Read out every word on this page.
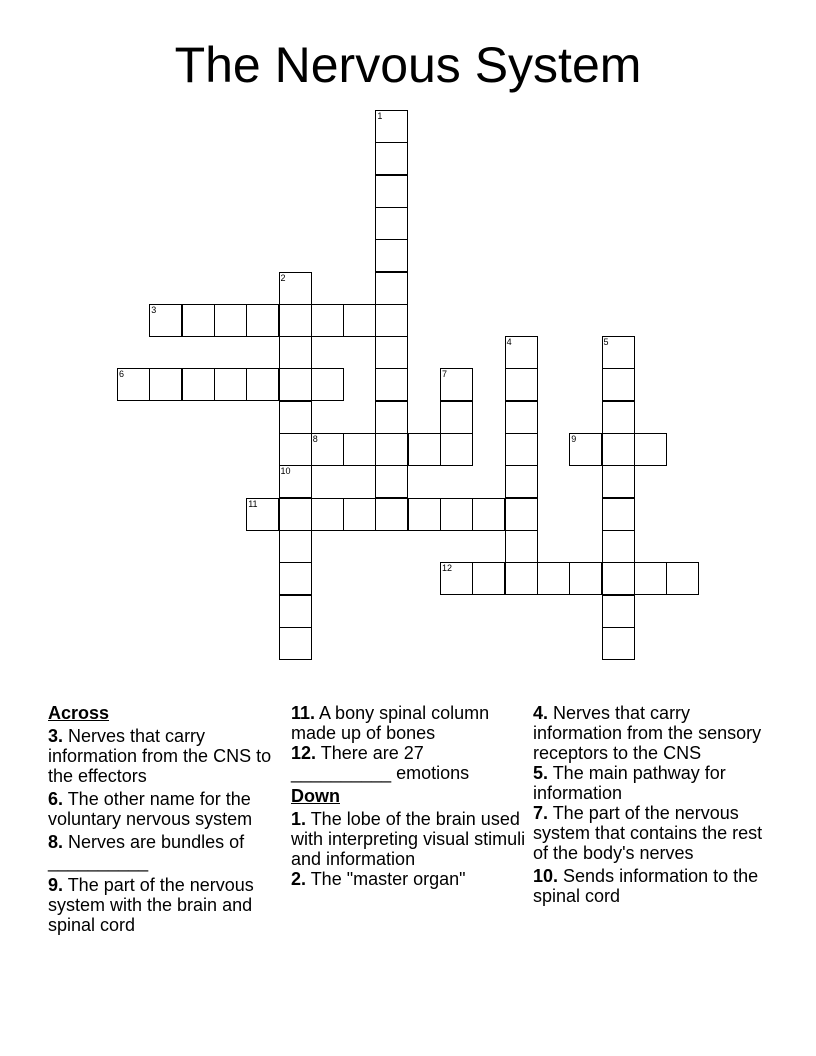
The Nervous System
1
2
3
4	5
6	7
8	9
10
11
12
Across
3. Nerves that carry information from the CNS to the effectors
6. The other name for the voluntary nervous system
8. Nerves are bundles of __________
9. The part of the nervous system with the brain and spinal cord
11. A bony spinal column made up of bones
12. There are 27 __________ emotions
Down
1. The lobe of the brain used with interpreting visual stimuli and information
2. The "master organ"
4. Nerves that carry information from the sensory receptors to the CNS
5. The main pathway for information
7. The part of the nervous system that contains the rest of the body's nerves
10. Sends information to the spinal cord
